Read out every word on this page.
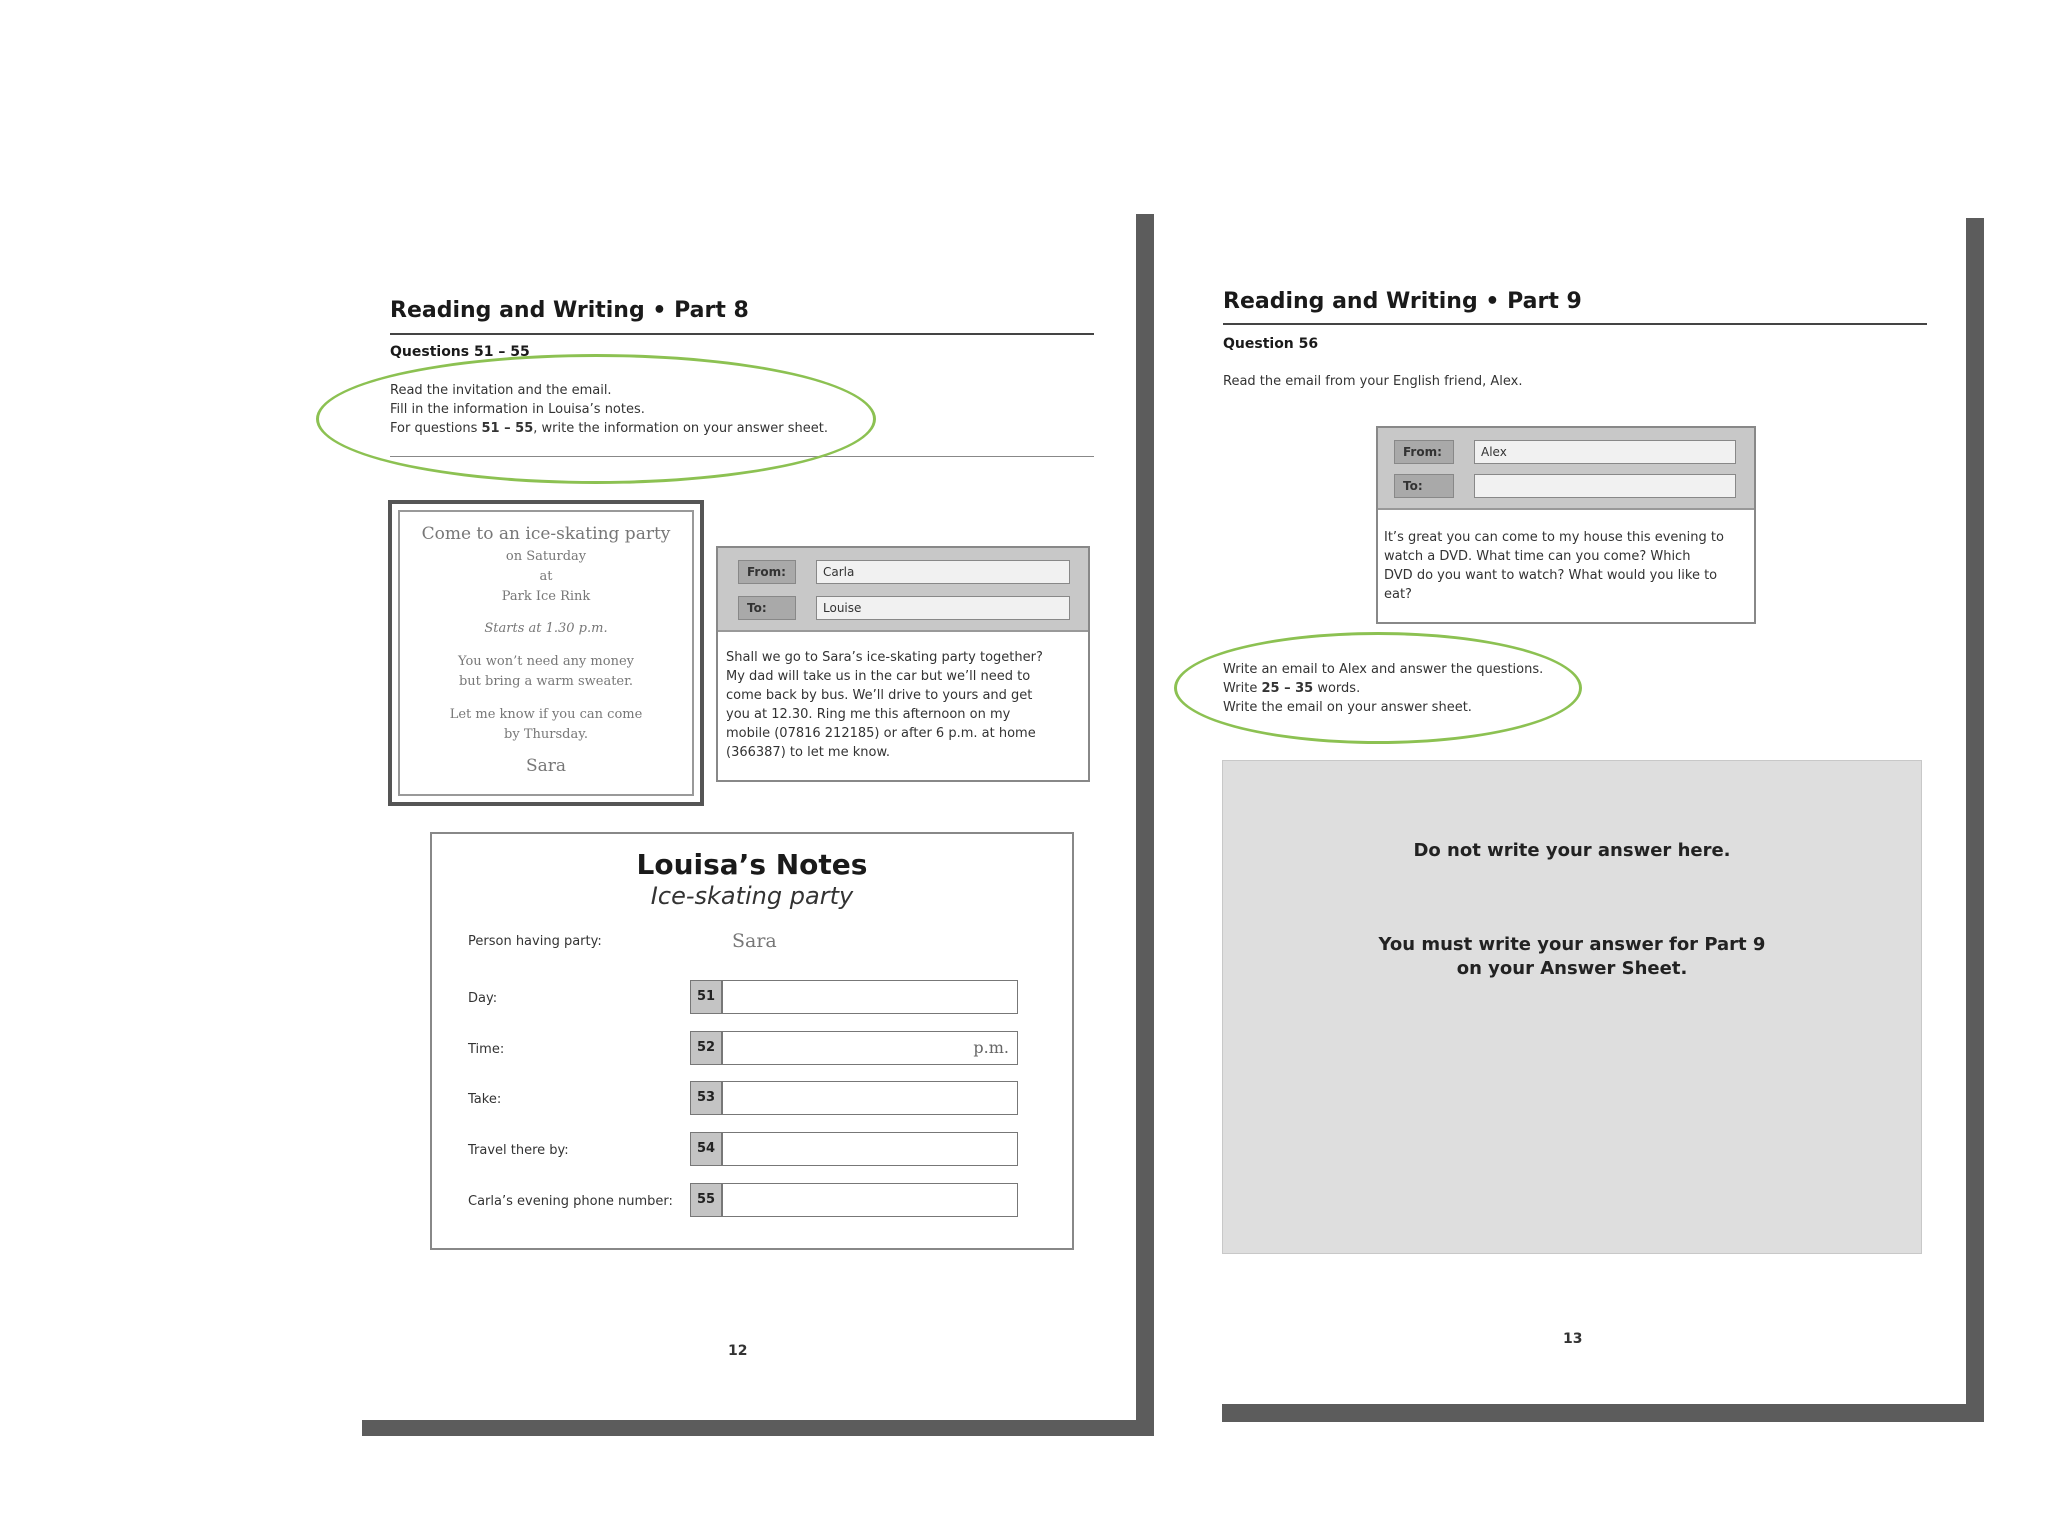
Reading and Writing • Part 8
Questions 51 – 55
Read the invitation and the email.
Fill in the information in Louisa’s notes.
For questions 51 – 55, write the information on your answer sheet.
Come to an ice-skating party
on Saturday
at
Park Ice Rink
Starts at 1.30 p.m.
You won’t need any money
but bring a warm sweater.
Let me know if you can come
by Thursday.
Sara
From:	Carla
To:	Louise
Shall we go to Sara’s ice-skating party together?
My dad will take us in the car but we’ll need to
come back by bus. We’ll drive to yours and get
you at 12.30. Ring me this afternoon on my
mobile (07816 212185) or after 6 p.m. at home
(366387) to let me know.
Louisa’s Notes
Ice-skating party
Person having party:	Sara
Day:	51
Time:	52	p.m.
Take:	53
Travel there by:	54
Carla’s evening phone number:	55
12
Reading and Writing • Part 9
Question 56
Read the email from your English friend, Alex.
From:	Alex
To:
It’s great you can come to my house this evening to
watch a DVD. What time can you come? Which
DVD do you want to watch? What would you like to
eat?
Write an email to Alex and answer the questions.
Write 25 – 35 words.
Write the email on your answer sheet.
Do not write your answer here.
You must write your answer for Part 9
on your Answer Sheet.
13
